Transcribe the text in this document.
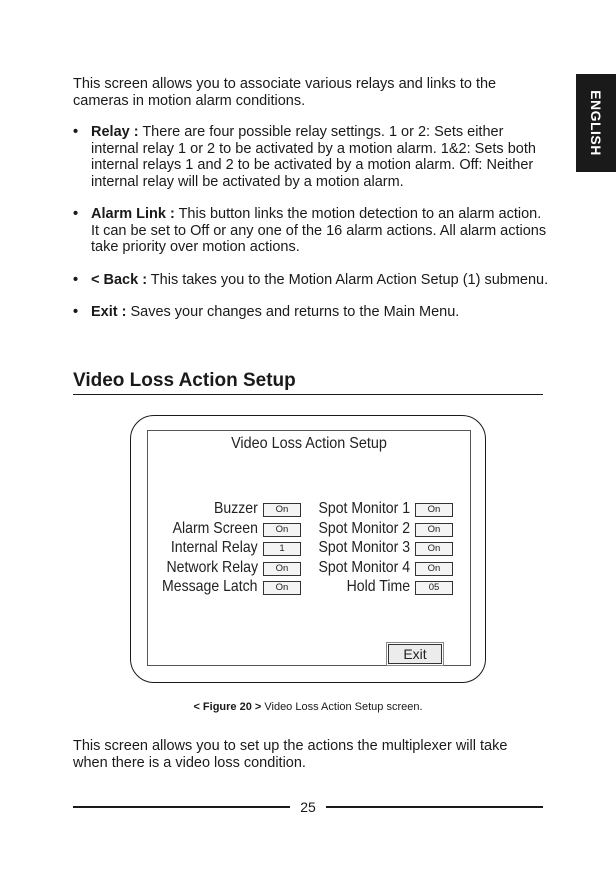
ENGLISH

This screen allows you to associate various relays and links to the cameras in motion alarm conditions.

• Relay : There are four possible relay settings. 1 or 2: Sets either internal relay 1 or 2 to be activated by a motion alarm. 1&2: Sets both internal relays 1 and 2 to be activated by a motion alarm. Off: Neither internal relay will be activated by a motion alarm.
• Alarm Link : This button links the motion detection to an alarm action. It can be set to Off or any one of the 16 alarm actions. All alarm actions take priority over motion actions.
• < Back : This takes you to the Motion Alarm Action Setup (1) submenu.
• Exit : Saves your changes and returns to the Main Menu.
Video Loss Action Setup
Video Loss Action Setup
Buzzer	On
Alarm Screen	On
Internal Relay	1
Network Relay	On
Message Latch	On
Spot Monitor 1	On
Spot Monitor 2	On
Spot Monitor 3	On
Spot Monitor 4	On
Hold Time	05
Exit
< Figure 20 > Video Loss Action Setup screen.

This screen allows you to set up the actions the multiplexer will take when there is a video loss condition.

25
